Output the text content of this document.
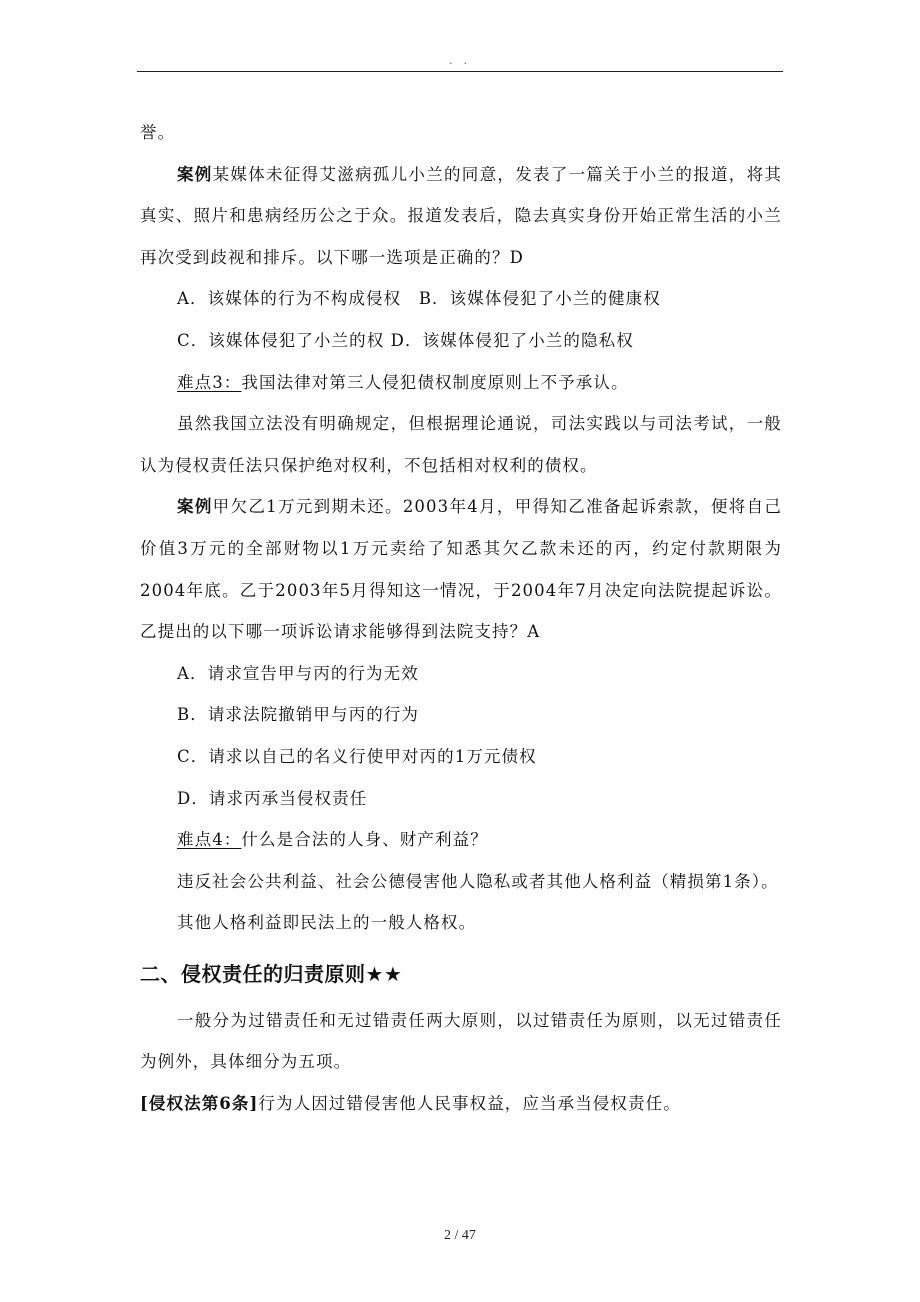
. .

誉。

案例某媒体未征得艾滋病孤儿小兰的同意，发表了一篇关于小兰的报道，将其真实、照片和患病经历公之于众。报道发表后，隐去真实身份开始正常生活的小兰再次受到歧视和排斥。以下哪一选项是正确的？D

A．该媒体的行为不构成侵权　B．该媒体侵犯了小兰的健康权

C．该媒体侵犯了小兰的权 D．该媒体侵犯了小兰的隐私权

难点3：我国法律对第三人侵犯债权制度原则上不予承认。

虽然我国立法没有明确规定，但根据理论通说，司法实践以与司法考试，一般认为侵权责任法只保护绝对权利，不包括相对权利的债权。

案例甲欠乙1万元到期未还。2003年4月，甲得知乙准备起诉索款，便将自己价值3万元的全部财物以1万元卖给了知悉其欠乙款未还的丙，约定付款期限为2004年底。乙于2003年5月得知这一情况，于2004年7月决定向法院提起诉讼。乙提出的以下哪一项诉讼请求能够得到法院支持？A

A．请求宣告甲与丙的行为无效

B．请求法院撤销甲与丙的行为

C．请求以自己的名义行使甲对丙的1万元债权

D．请求丙承当侵权责任

难点4：什么是合法的人身、财产利益？

违反社会公共利益、社会公德侵害他人隐私或者其他人格利益（精损第1条）。

其他人格利益即民法上的一般人格权。

二、侵权责任的归责原则★★

一般分为过错责任和无过错责任两大原则，以过错责任为原则，以无过错责任为例外，具体细分为五项。

[侵权法第6条]行为人因过错侵害他人民事权益，应当承当侵权责任。

2 / 47
